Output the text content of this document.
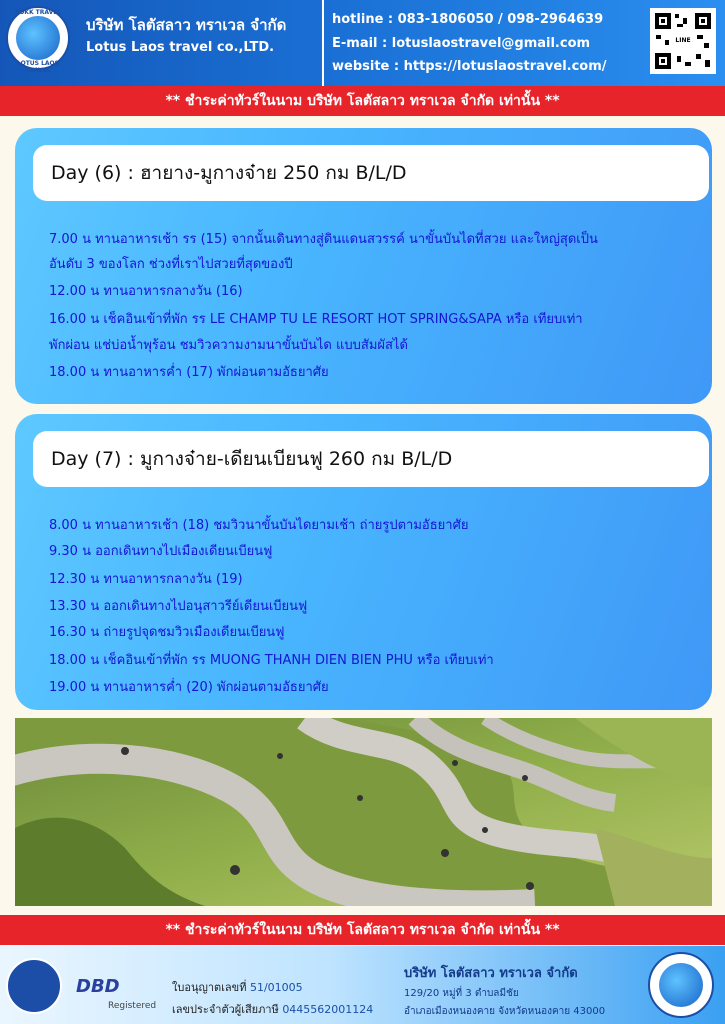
POKK TRAVEL
LOTUS LAOS TRAVEL
บริษัท โลตัสลาว ทราเวล จำกัด
Lotus Laos travel co.,LTD.
hotline : 083-1806050 / 098-2964639
E-mail : lotuslaostravel@gmail.com
website : https://lotuslaostravel.com/
LINE
** ชำระค่าทัวร์ในนาม บริษัท โลตัสลาว ทราเวล จำกัด เท่านั้น **
Day (6) : ฮายาง-มูกางจ๋าย 250 กม B/L/D
7.00 น ทานอาหารเช้า รร (15) จากนั้นเดินทางสู่ดินแดนสวรรค์ นาขั้นบันไดที่สวย และใหญ่สุดเป็น
อันดับ 3 ของโลก ช่วงที่เราไปสวยที่สุดของปี
12.00 น ทานอาหารกลางวัน (16)
16.00 น เช็คอินเข้าที่พัก รร LE CHAMP TU LE RESORT HOT SPRING&SAPA หรือ เทียบเท่า
พักผ่อน แช่บ่อน้ำพุร้อน ชมวิวความงามนาขั้นบันได แบบสัมผัสได้
18.00 น ทานอาหารค่ำ (17) พักผ่อนตามอัธยาศัย
Day (7) : มูกางจ๋าย-เดียนเบียนฟู 260 กม B/L/D
8.00 น ทานอาหารเช้า (18) ชมวิวนาขั้นบันไดยามเช้า ถ่ายรูปตามอัธยาศัย
9.30 น ออกเดินทางไปเมืองเดียนเบียนฟู
12.30 น ทานอาหารกลางวัน (19)
13.30 น ออกเดินทางไปอนุสาวรีย์เดียนเบียนฟู
16.30 น ถ่ายรูปจุดชมวิวเมืองเดียนเบียนฟู
18.00 น เช็คอินเข้าที่พัก รร MUONG THANH DIEN BIEN PHU หรือ เทียบเท่า
19.00 น ทานอาหารค่ำ (20) พักผ่อนตามอัธยาศัย
** ชำระค่าทัวร์ในนาม บริษัท โลตัสลาว ทราเวล จำกัด เท่านั้น **
DBD
Registered
ใบอนุญาตเลขที่ 51/01005
เลขประจำตัวผู้เสียภาษี 0445562001124
บริษัท โลตัสลาว ทราเวล จำกัด
129/20 หมู่ที่ 3 ตำบลมีชัย
อำเภอเมืองหนองคาย จังหวัดหนองคาย 43000
